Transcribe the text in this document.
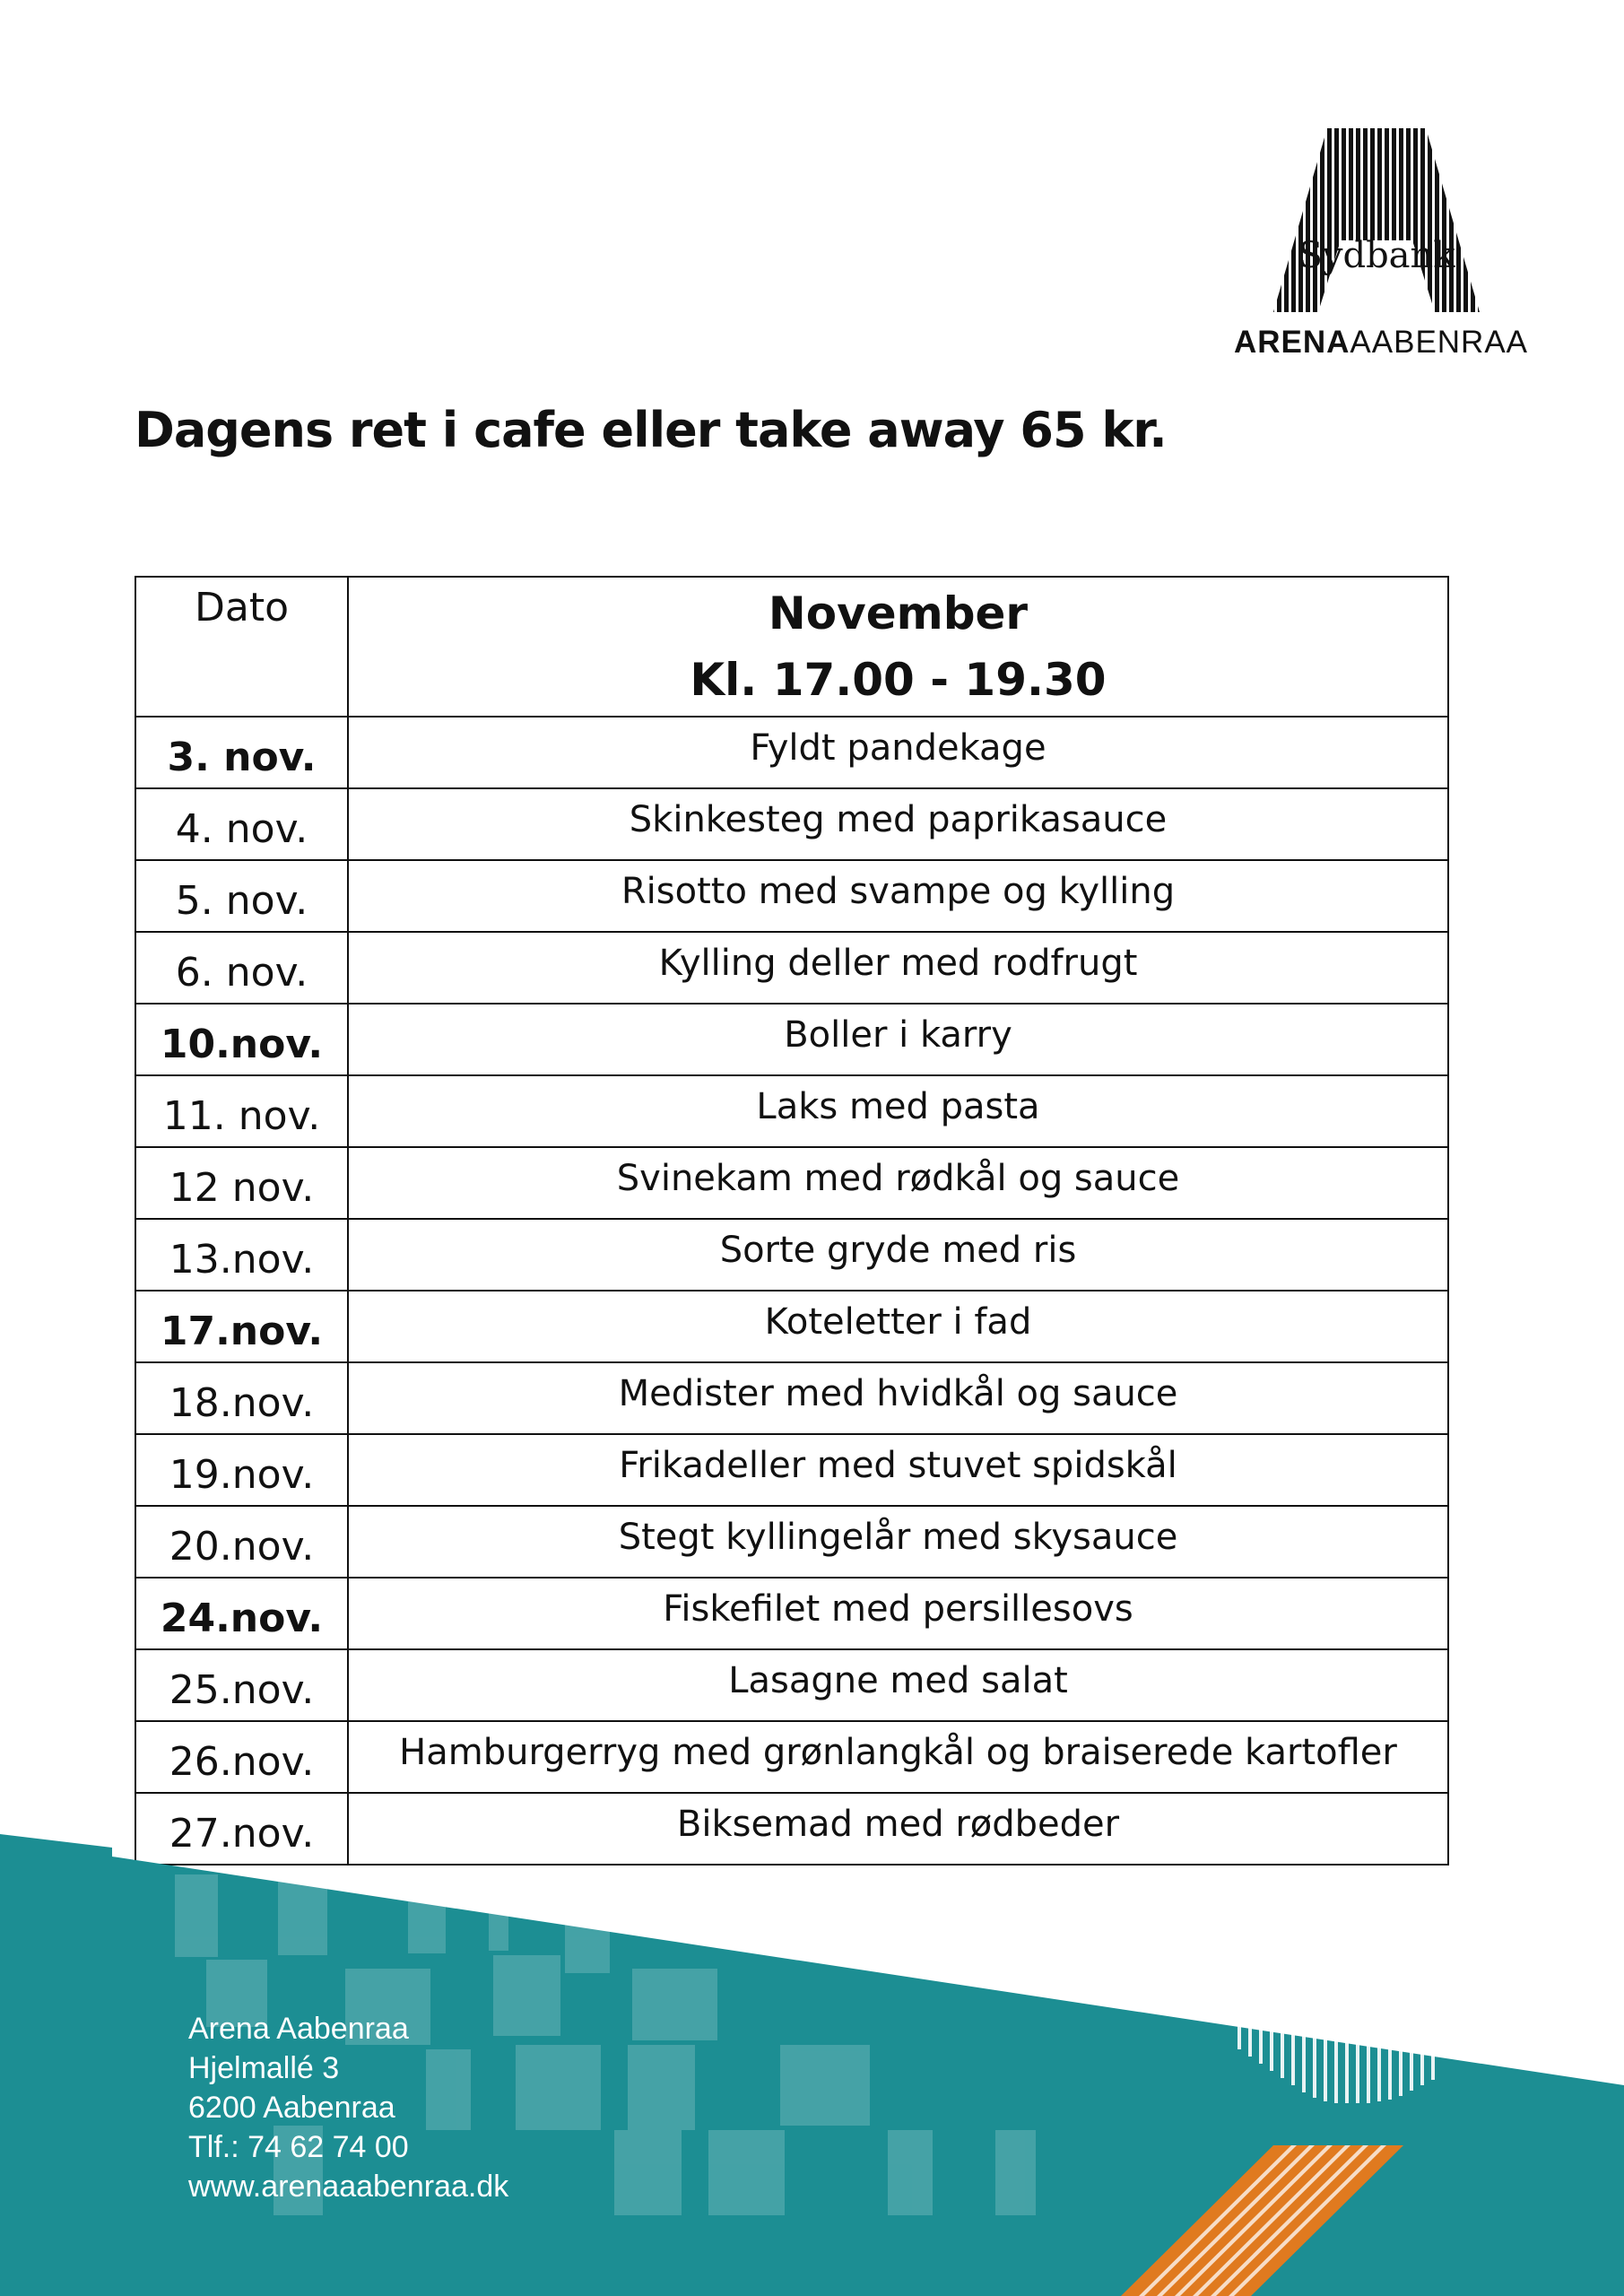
Sydbank
ARENAAABENRAA
Dagens ret i cafe eller take away 65 kr.
Dato	November
Kl. 17.00 - 19.30

3. nov.	Fyldt pandekage
4. nov.	Skinkesteg med paprikasauce
5. nov.	Risotto med svampe og kylling
6. nov.	Kylling deller med rodfrugt
10.nov.	Boller i karry
11. nov.	Laks med pasta
12 nov.	Svinekam med rødkål og sauce
13.nov.	Sorte gryde med ris
17.nov.	Koteletter i fad
18.nov.	Medister med hvidkål og sauce
19.nov.	Frikadeller med stuvet spidskål
20.nov.	Stegt kyllingelår med skysauce
24.nov.	Fiskefilet med persillesovs
25.nov.	Lasagne med salat
26.nov.	Hamburgerryg med grønlangkål og braiserede kartofler
27.nov.	Biksemad med rødbeder
Arena Aabenraa
Hjelmallé 3
6200 Aabenraa
Tlf.: 74 62 74 00
www.arenaaabenraa.dk
